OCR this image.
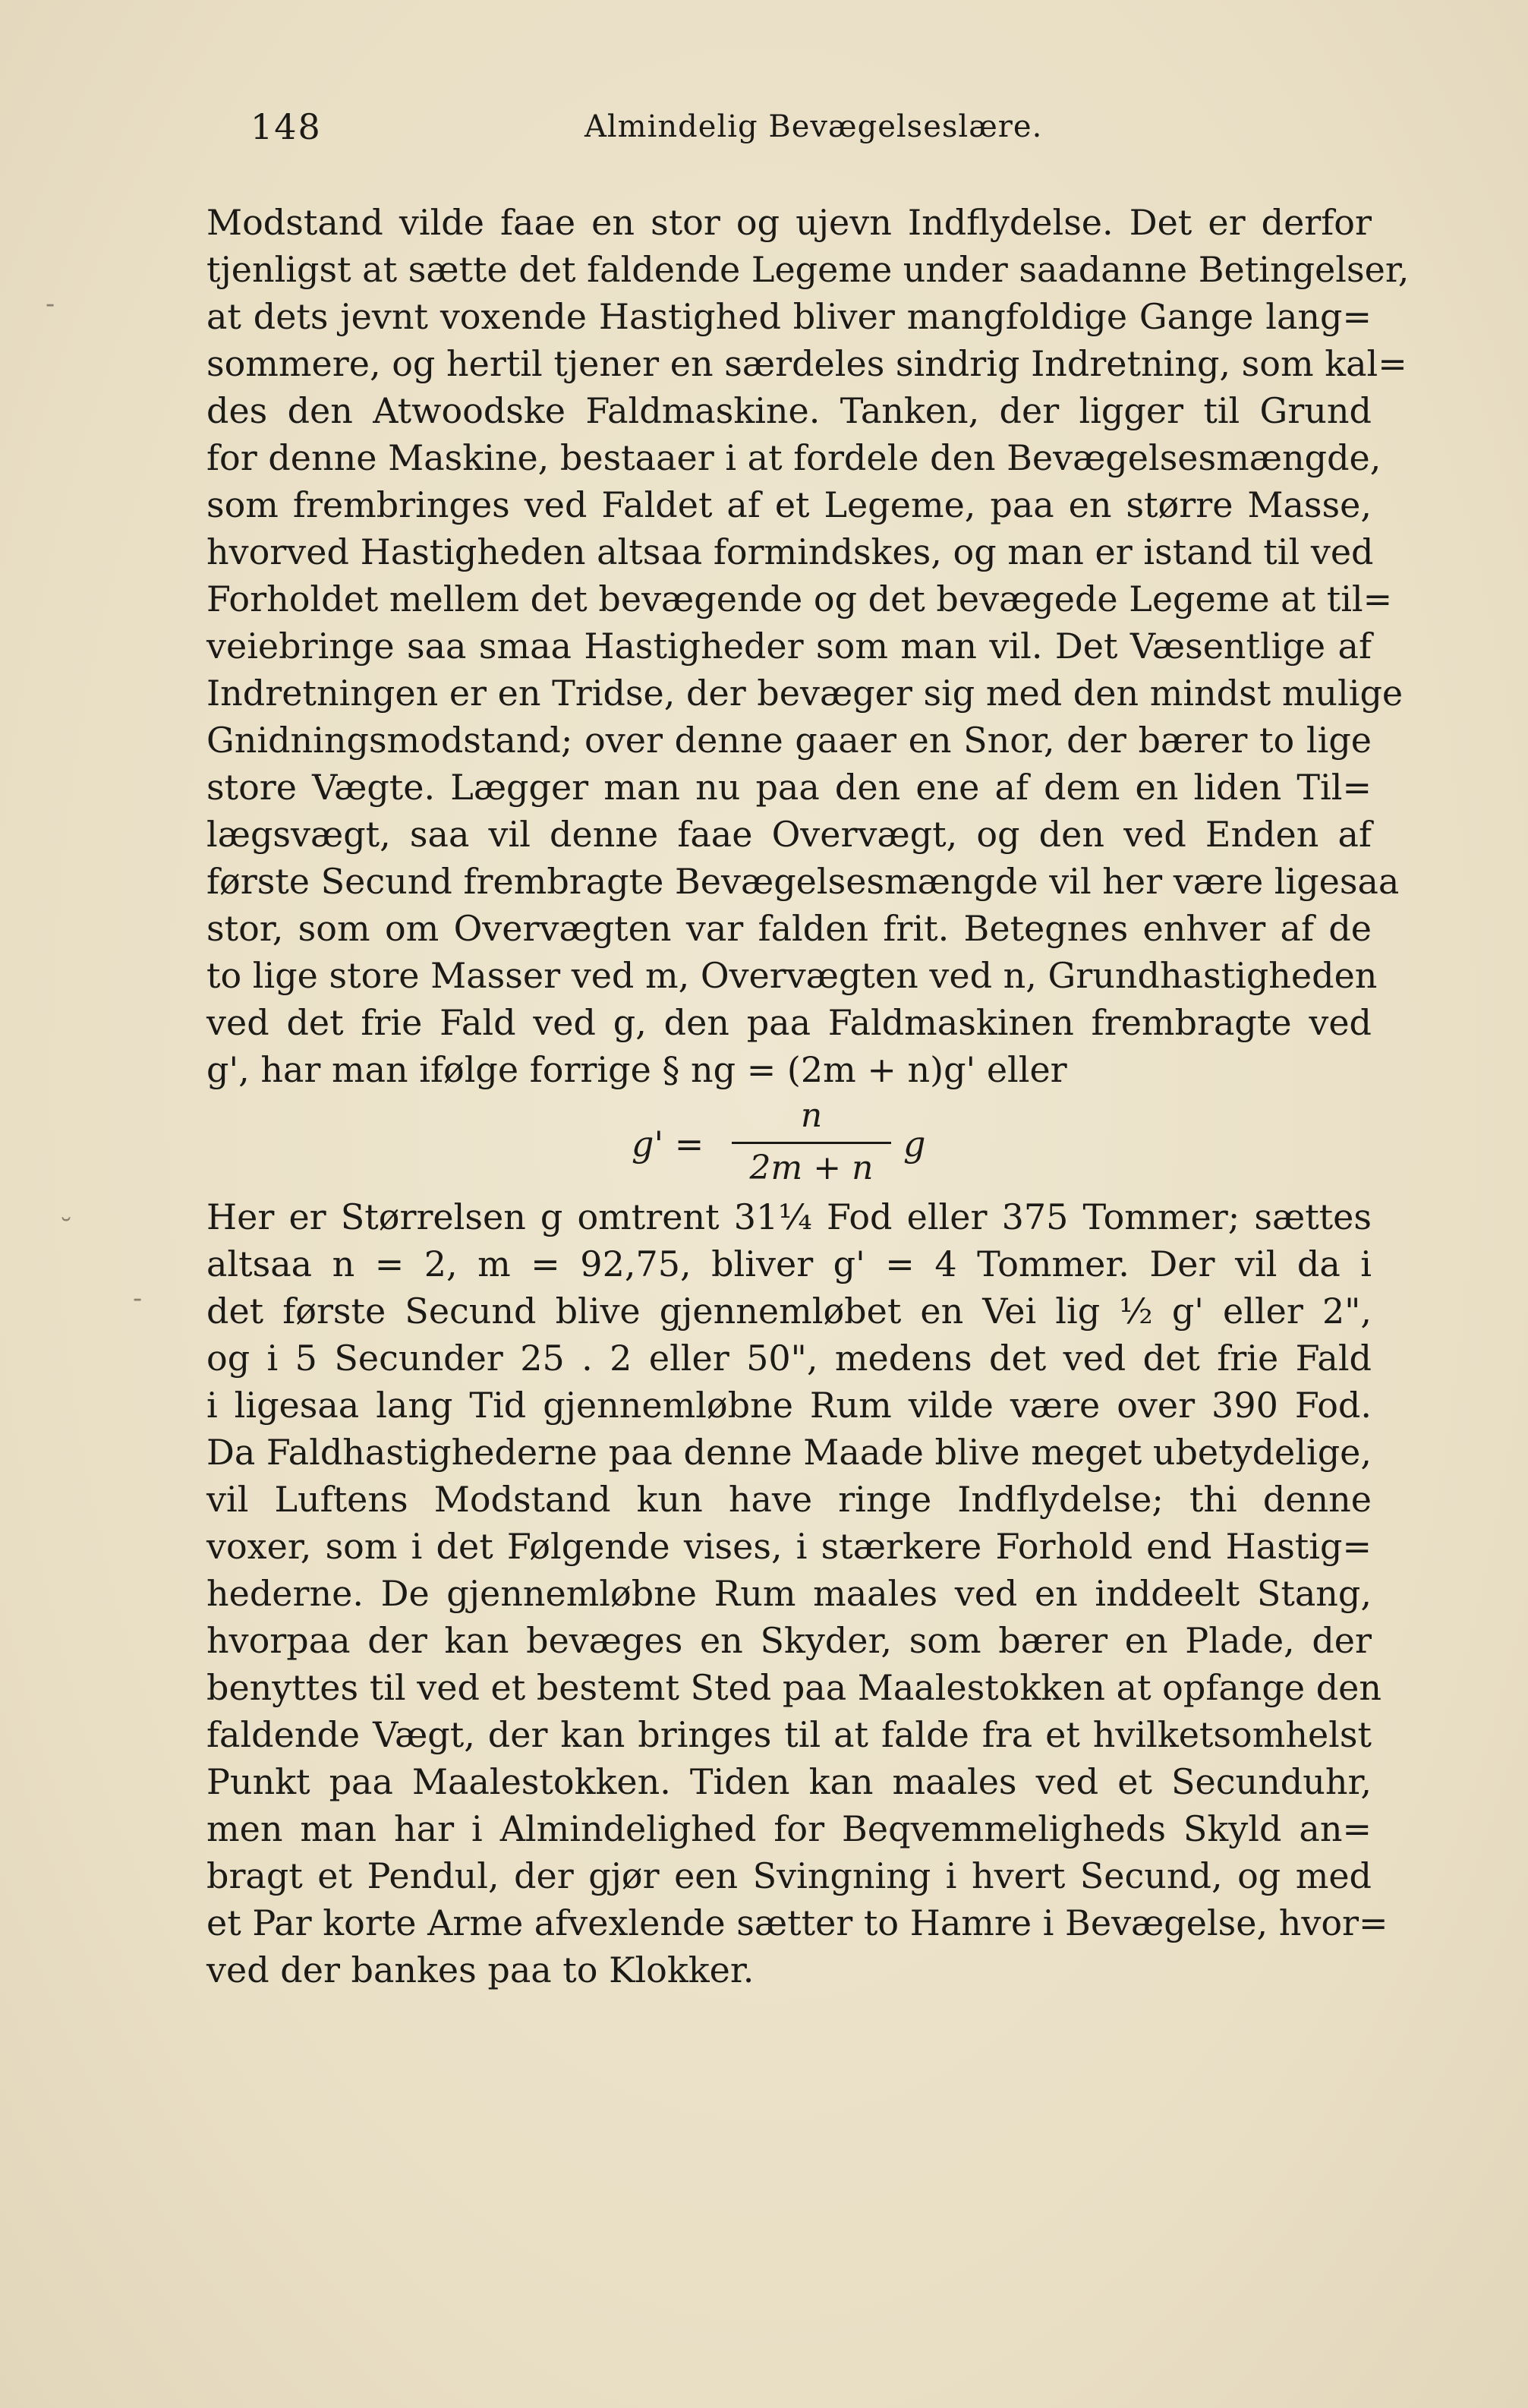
148	Almindelig Bevægelseslære.
-
˘
-
Modstand vilde faae en stor og ujevn Indflydelse. Det er derfor
tjenligst at sætte det faldende Legeme under saadanne Betingelser,
at dets jevnt voxende Hastighed bliver mangfoldige Gange lang=
sommere, og hertil tjener en særdeles sindrig Indretning, som kal=
des den Atwoodske Faldmaskine. Tanken, der ligger til Grund
for denne Maskine, bestaaer i at fordele den Bevægelsesmængde,
som frembringes ved Faldet af et Legeme, paa en større Masse,
hvorved Hastigheden altsaa formindskes, og man er istand til ved
Forholdet mellem det bevægende og det bevægede Legeme at til=
veiebringe saa smaa Hastigheder som man vil. Det Væsentlige af
Indretningen er en Tridse, der bevæger sig med den mindst mulige
Gnidningsmodstand; over denne gaaer en Snor, der bærer to lige
store Vægte. Lægger man nu paa den ene af dem en liden Til=
lægsvægt, saa vil denne faae Overvægt, og den ved Enden af
første Secund frembragte Bevægelsesmængde vil her være ligesaa
stor, som om Overvægten var falden frit. Betegnes enhver af de
to lige store Masser ved m, Overvægten ved n, Grundhastigheden
ved det frie Fald ved g, den paa Faldmaskinen frembragte ved
g', har man ifølge forrige § ng = (2m + n)g' eller
g' =
n
2m + n
g
Her er Størrelsen g omtrent 31¼ Fod eller 375 Tommer; sættes
altsaa n = 2, m = 92,75, bliver g' = 4 Tommer. Der vil da i
det første Secund blive gjennemløbet en Vei lig ½ g' eller 2",
og i 5 Secunder 25 . 2 eller 50", medens det ved det frie Fald
i ligesaa lang Tid gjennemløbne Rum vilde være over 390 Fod.
Da Faldhastighederne paa denne Maade blive meget ubetydelige,
vil Luftens Modstand kun have ringe Indflydelse; thi denne
voxer, som i det Følgende vises, i stærkere Forhold end Hastig=
hederne. De gjennemløbne Rum maales ved en inddeelt Stang,
hvorpaa der kan bevæges en Skyder, som bærer en Plade, der
benyttes til ved et bestemt Sted paa Maalestokken at opfange den
faldende Vægt, der kan bringes til at falde fra et hvilketsomhelst
Punkt paa Maalestokken. Tiden kan maales ved et Secunduhr,
men man har i Almindelighed for Beqvemmeligheds Skyld an=
bragt et Pendul, der gjør een Svingning i hvert Secund, og med
et Par korte Arme afvexlende sætter to Hamre i Bevægelse, hvor=
ved der bankes paa to Klokker.
